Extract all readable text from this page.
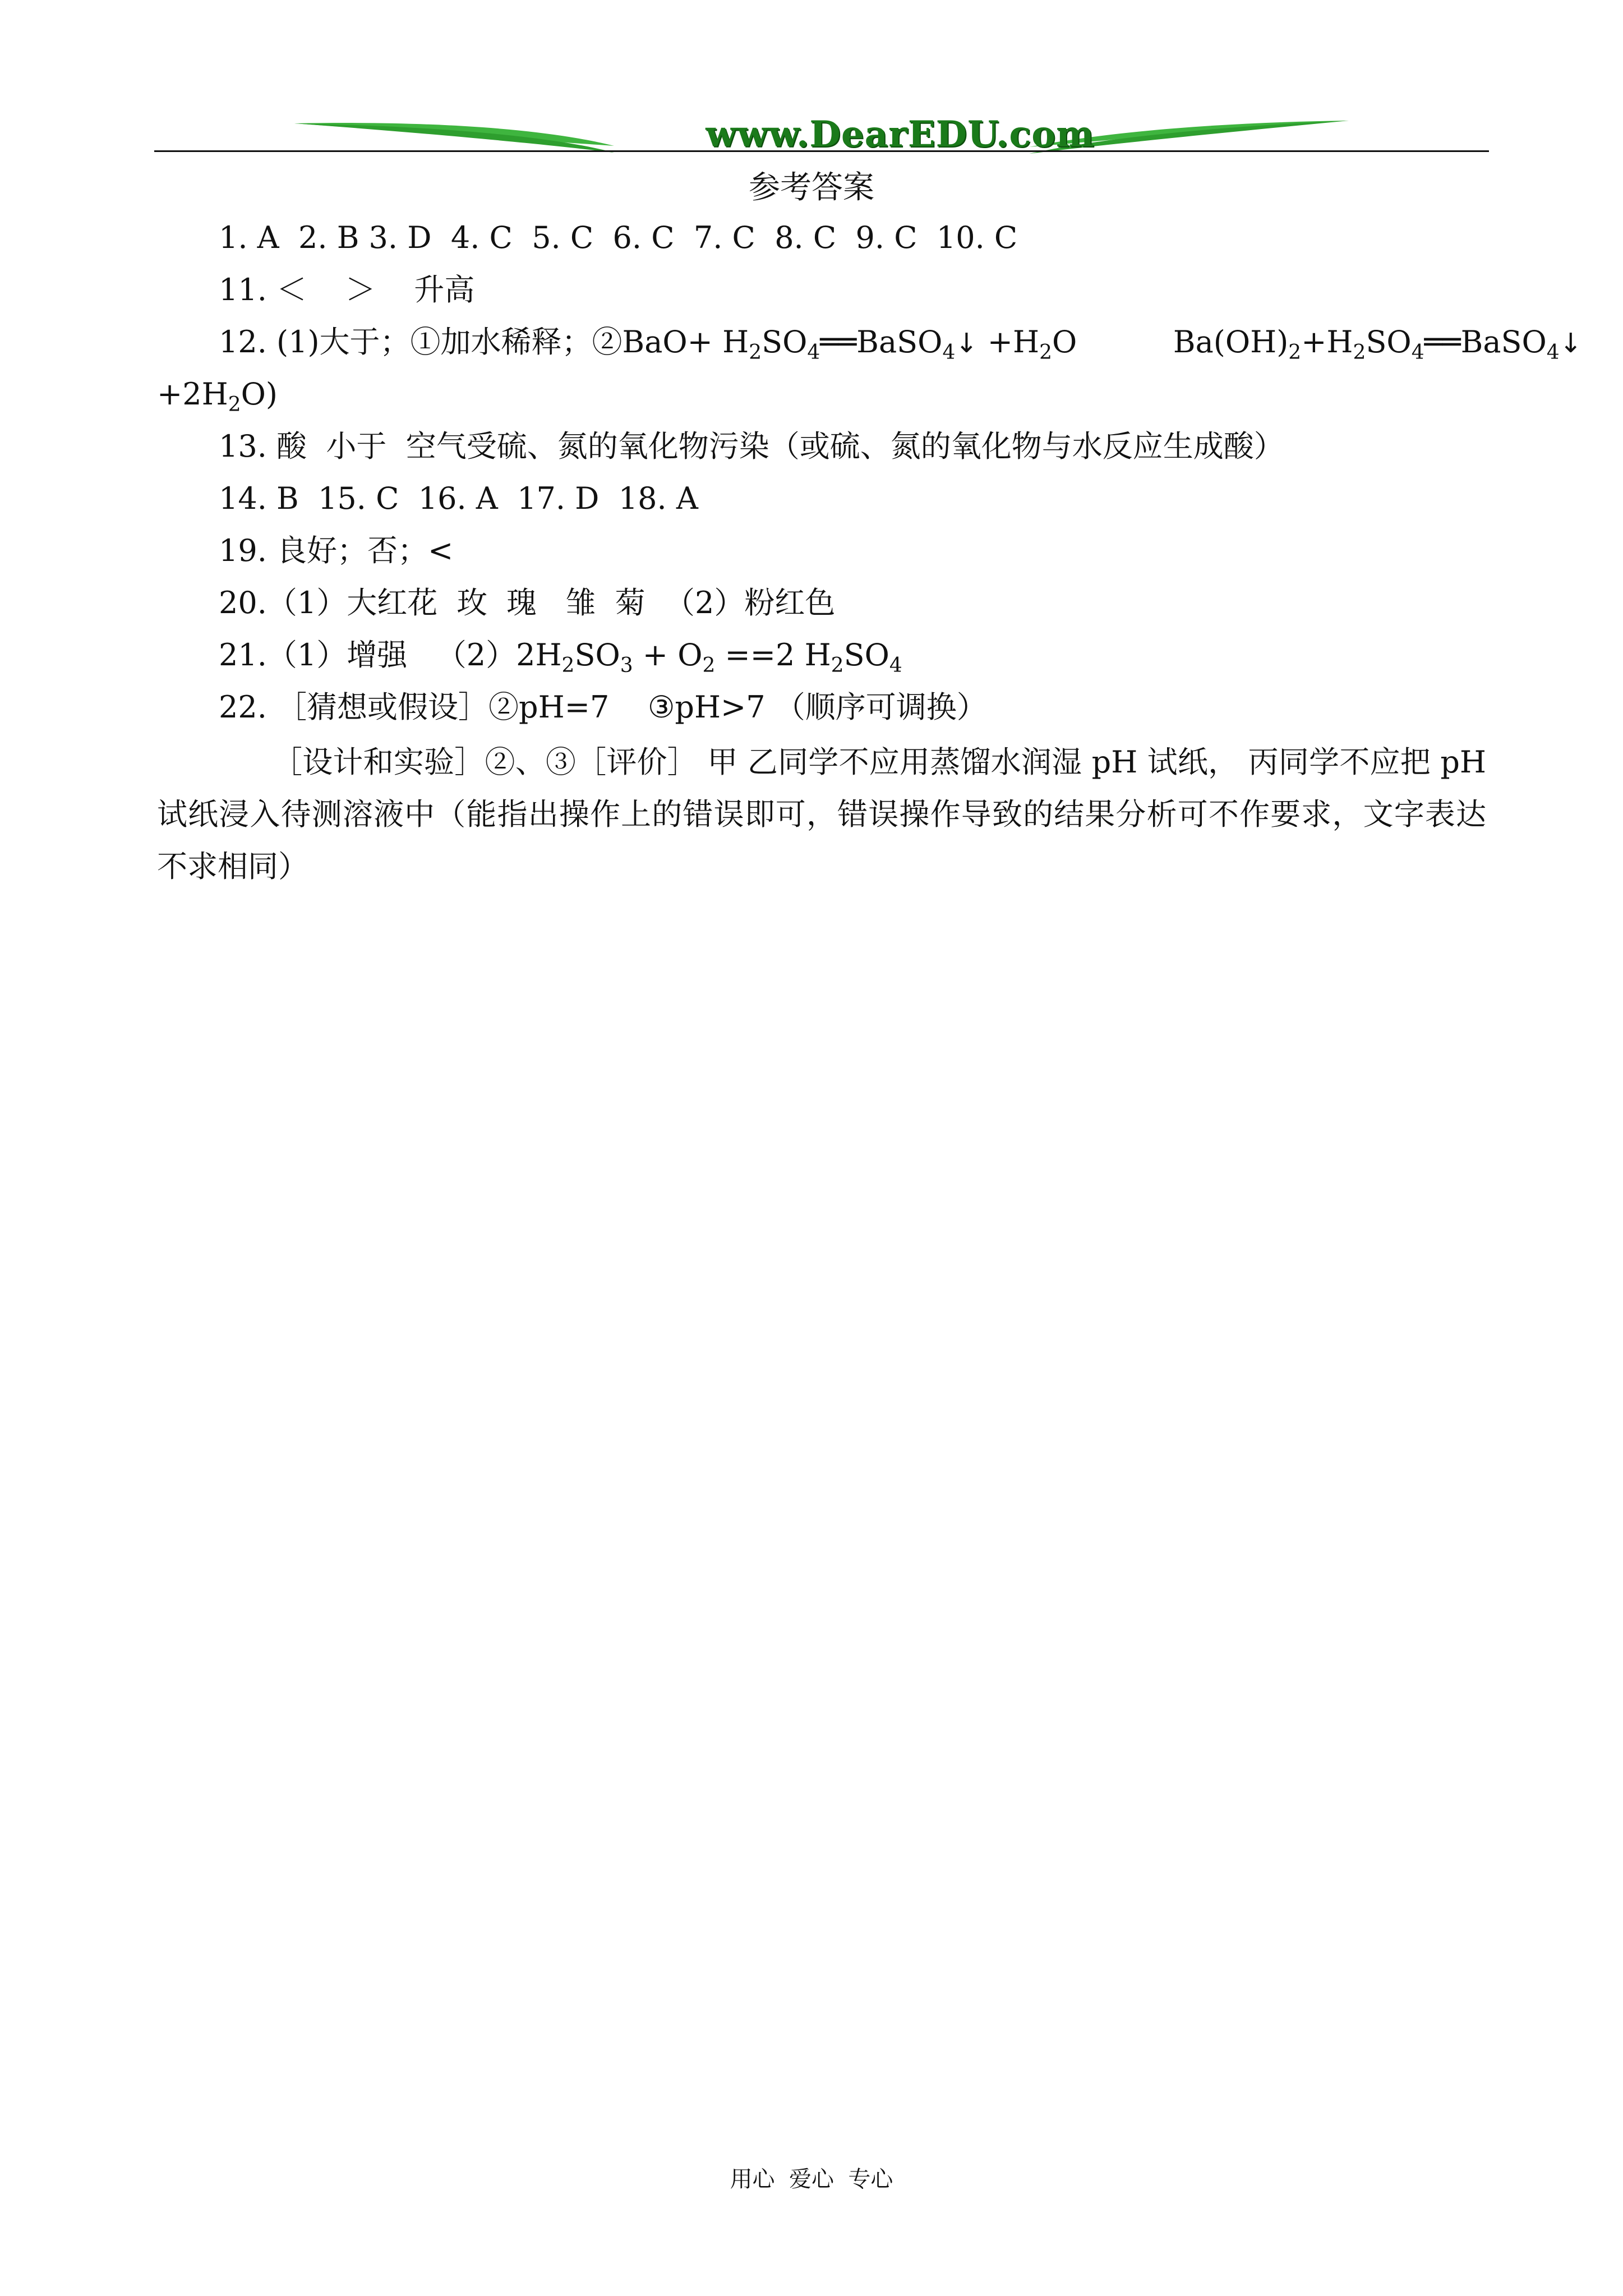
www.DearEDU.com
参考答案
1. A  2. B 3. D  4. C  5. C  6. C  7. C  8. C  9. C  10. C
11. ＜    ＞    升高
12. (1)大于；①加水稀释；②BaO+ $H_2SO_4══BaSO_4↓ +H_2O$          $Ba(OH)_2+H_2SO_4══BaSO_4↓$
$+2H_2O$)
13. 酸  小于  空气受硫、氮的氧化物污染（或硫、氮的氧化物与水反应生成酸）
14. B  15. C  16. A  17. D  18. A
19. 良好；否；<
20.（1）大红花  玫  瑰   雏  菊  （2）粉红色
21.（1）增强   $(2)2H_2SO_3 + O_2 ==2$ $H_2SO_4$
22. ［猜想或假设］②pH=7    ③pH>7 （顺序可调换）
［设计和实验］②、③［评价］ 甲 乙同学不应用蒸馏水润湿 pH 试纸， 丙同学不应把 pH 试纸浸入待测溶液中（能指出操作上的错误即可，错误操作导致的结果分析可不作要求，文字表达不求相同）
用心  爱心  专心
